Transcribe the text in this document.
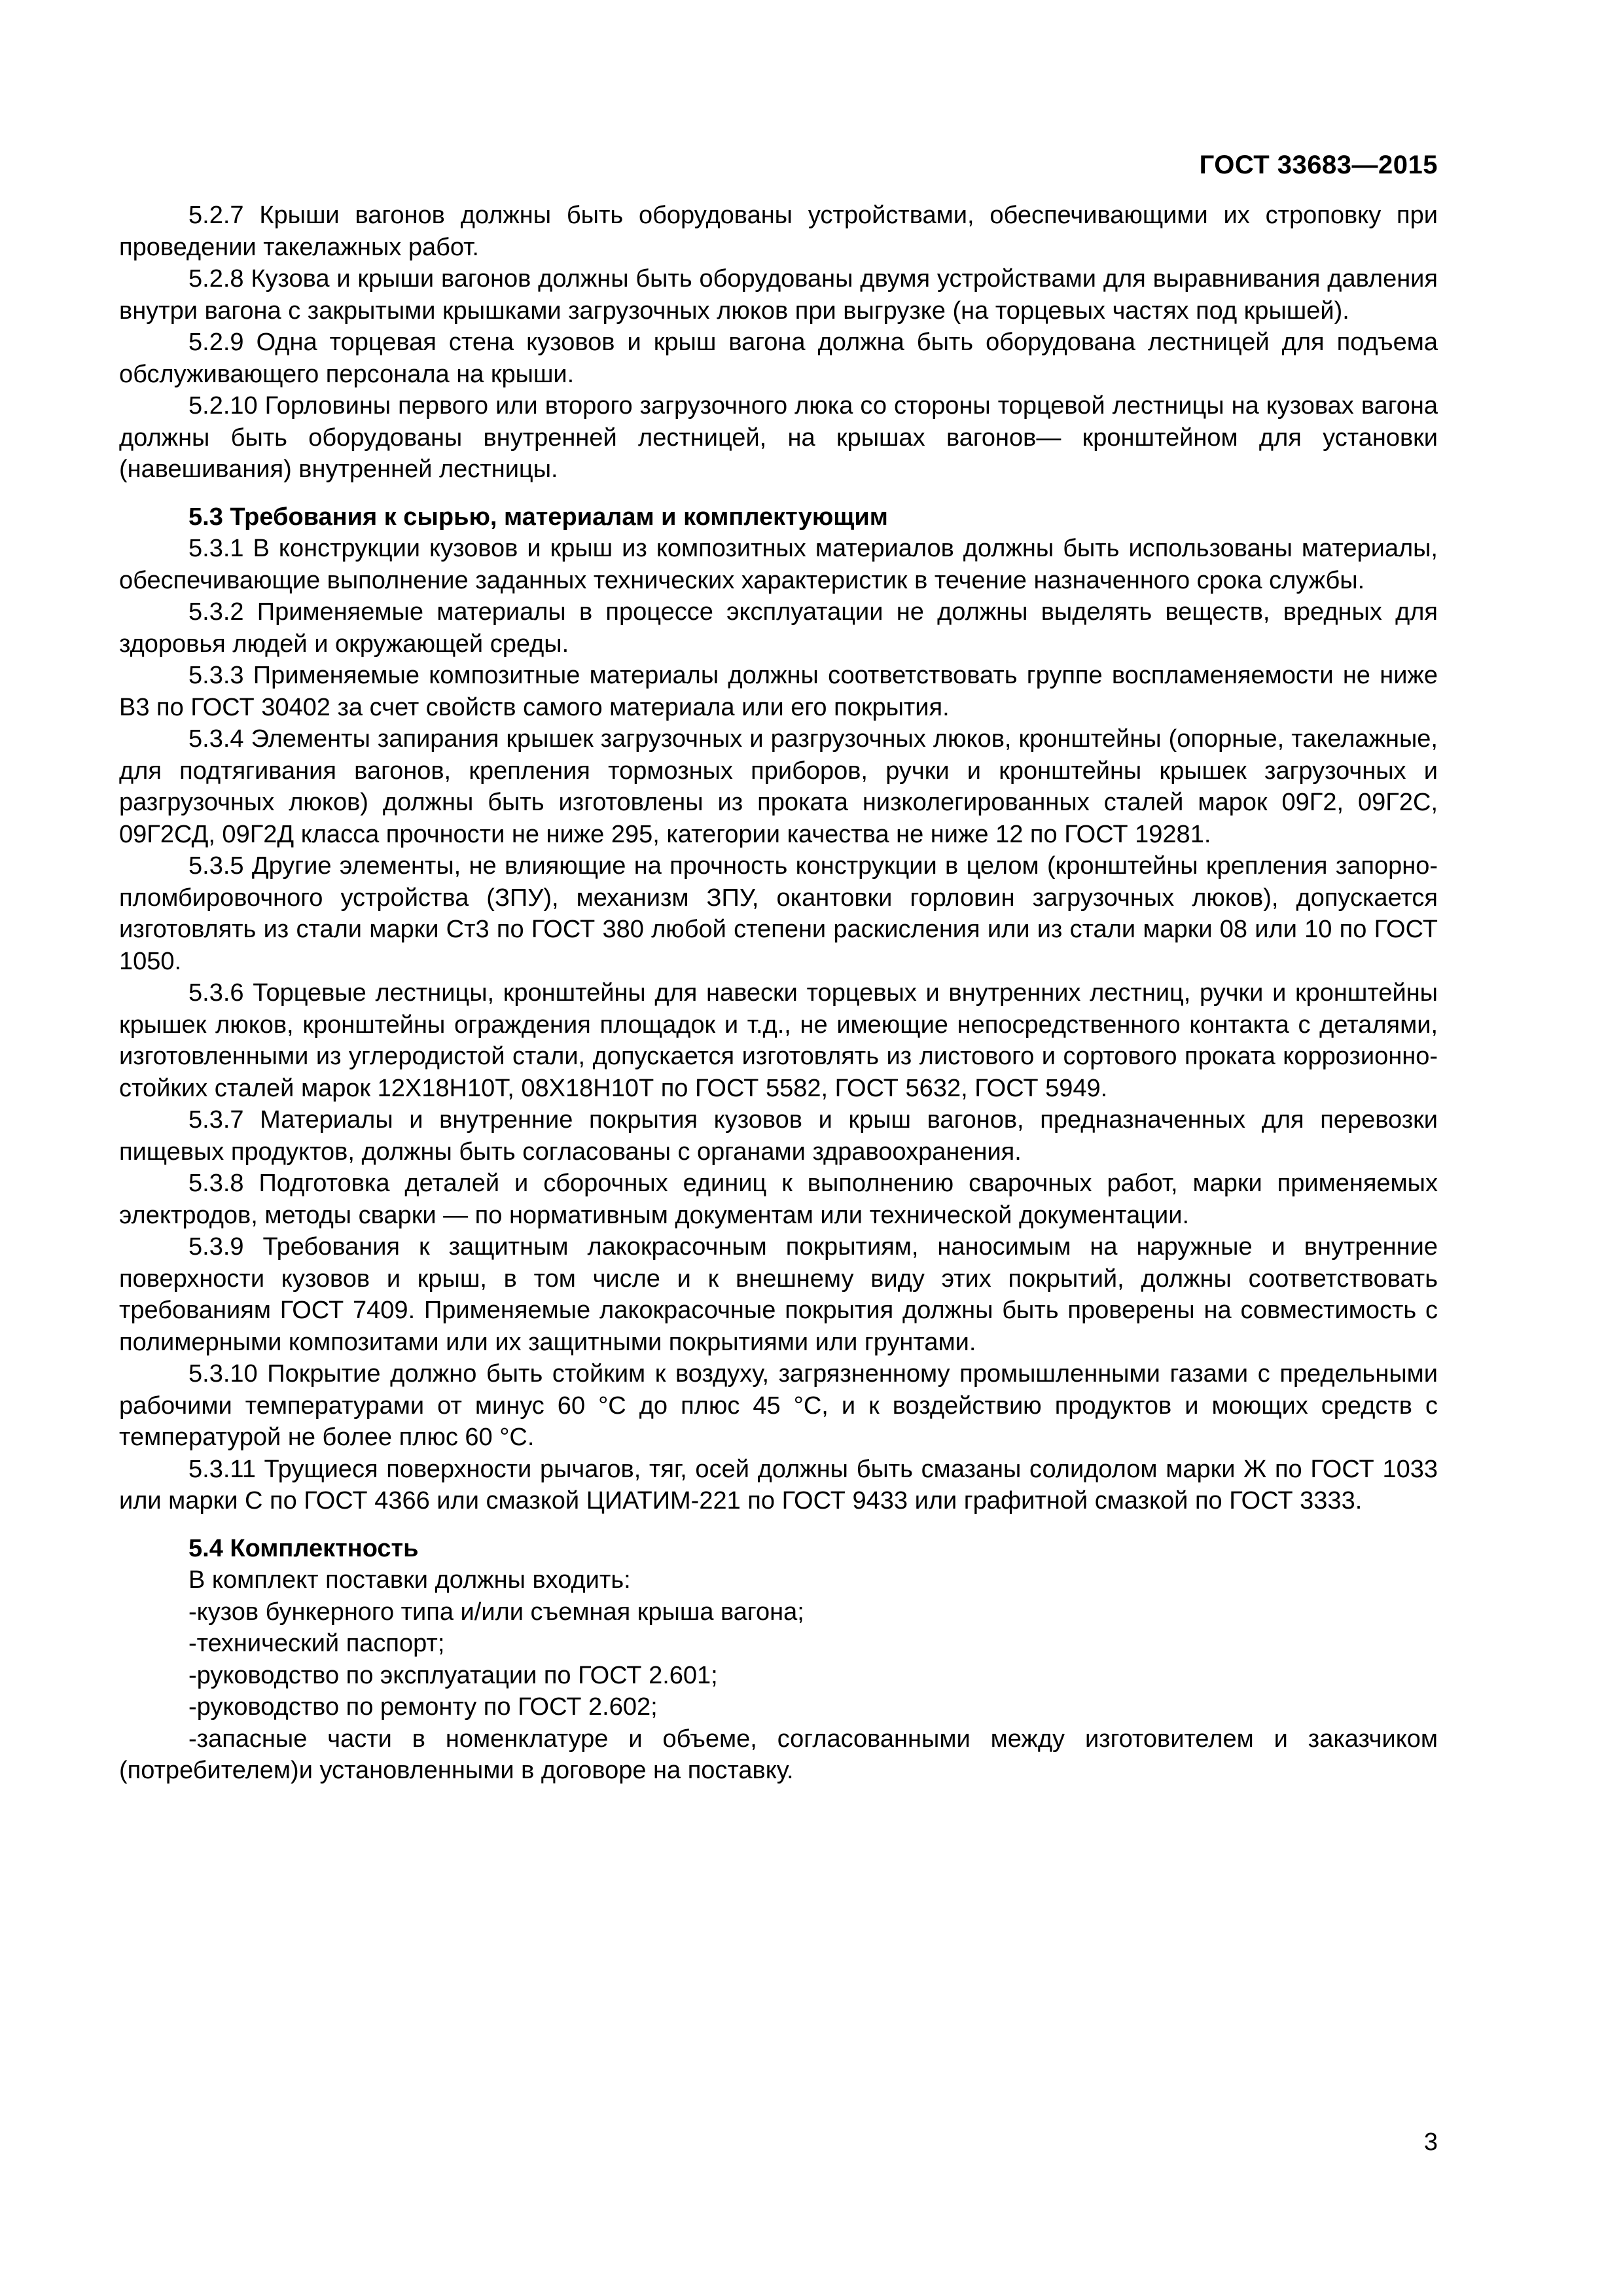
ГОСТ 33683—2015

5.2.7 Крыши вагонов должны быть оборудованы устройствами, обеспечивающими их строповку при проведении такелажных работ.

5.2.8 Кузова и крыши вагонов должны быть оборудованы двумя устройствами для выравнивания давления внутри вагона с закрытыми крышками загрузочных люков при выгрузке (на торцевых частях под крышей).

5.2.9 Одна торцевая стена кузовов и крыш вагона должна быть оборудована лестницей для подъема обслуживающего персонала на крыши.

5.2.10 Горловины первого или второго загрузочного люка со стороны торцевой лестницы на кузовах вагона должны быть оборудованы внутренней лестницей, на крышах вагонов— кронштейном для установки (навешивания) внутренней лестницы.

5.3 Требования к сырью, материалам и комплектующим

5.3.1 В конструкции кузовов и крыш из композитных материалов должны быть использованы материалы, обеспечивающие выполнение заданных технических характеристик в течение назначенного срока службы.

5.3.2 Применяемые материалы в процессе эксплуатации не должны выделять веществ, вредных для здоровья людей и окружающей среды.

5.3.3 Применяемые композитные материалы должны соответствовать группе воспламеняемости не ниже В3 по ГОСТ 30402 за счет свойств самого материала или его покрытия.

5.3.4 Элементы запирания крышек загрузочных и разгрузочных люков, кронштейны (опорные, такелажные, для подтягивания вагонов, крепления тормозных приборов, ручки и кронштейны крышек загрузочных и разгрузочных люков) должны быть изготовлены из проката низколегированных сталей марок 09Г2, 09Г2С, 09Г2СД, 09Г2Д класса прочности не ниже 295, категории качества не ниже 12 по ГОСТ 19281.

5.3.5 Другие элементы, не влияющие на прочность конструкции в целом (кронштейны крепления запорно-пломбировочного устройства (ЗПУ), механизм ЗПУ, окантовки горловин загрузочных люков), допускается изготовлять из стали марки Ст3 по ГОСТ 380 любой степени раскисления или из стали марки 08 или 10 по ГОСТ 1050.

5.3.6 Торцевые лестницы, кронштейны для навески торцевых и внутренних лестниц, ручки и кронштейны крышек люков, кронштейны ограждения площадок и т.д., не имеющие непосредственного контакта с деталями, изготовленными из углеродистой стали, допускается изготовлять из листового и сортового проката коррозионно-стойких сталей марок 12Х18Н10Т, 08Х18Н10Т по ГОСТ 5582, ГОСТ 5632, ГОСТ 5949.

5.3.7 Материалы и внутренние покрытия кузовов и крыш вагонов, предназначенных для перевозки пищевых продуктов, должны быть согласованы с органами здравоохранения.

5.3.8 Подготовка деталей и сборочных единиц к выполнению сварочных работ, марки применяемых электродов, методы сварки — по нормативным документам или технической документации.

5.3.9 Требования к защитным лакокрасочным покрытиям, наносимым на наружные и внутренние поверхности кузовов и крыш, в том числе и к внешнему виду этих покрытий, должны соответствовать требованиям ГОСТ 7409. Применяемые лакокрасочные покрытия должны быть проверены на совместимость с полимерными композитами или их защитными покрытиями или грунтами.

5.3.10 Покрытие должно быть стойким к воздуху, загрязненному промышленными газами с предельными рабочими температурами от минус 60 °С до плюс 45 °С, и к воздействию продуктов и моющих средств с температурой не более плюс 60 °С.

5.3.11 Трущиеся поверхности рычагов, тяг, осей должны быть смазаны солидолом марки Ж по ГОСТ 1033 или марки С по ГОСТ 4366 или смазкой ЦИАТИМ-221 по ГОСТ 9433 или графитной смазкой по ГОСТ 3333.

5.4 Комплектность

В комплект поставки должны входить:

-кузов бункерного типа и/или съемная крыша вагона;

-технический паспорт;

-руководство по эксплуатации по ГОСТ 2.601;

-руководство по ремонту по ГОСТ 2.602;

-запасные части в номенклатуре и объеме, согласованными между изготовителем и заказчиком (потребителем)и установленными в договоре на поставку.

3
